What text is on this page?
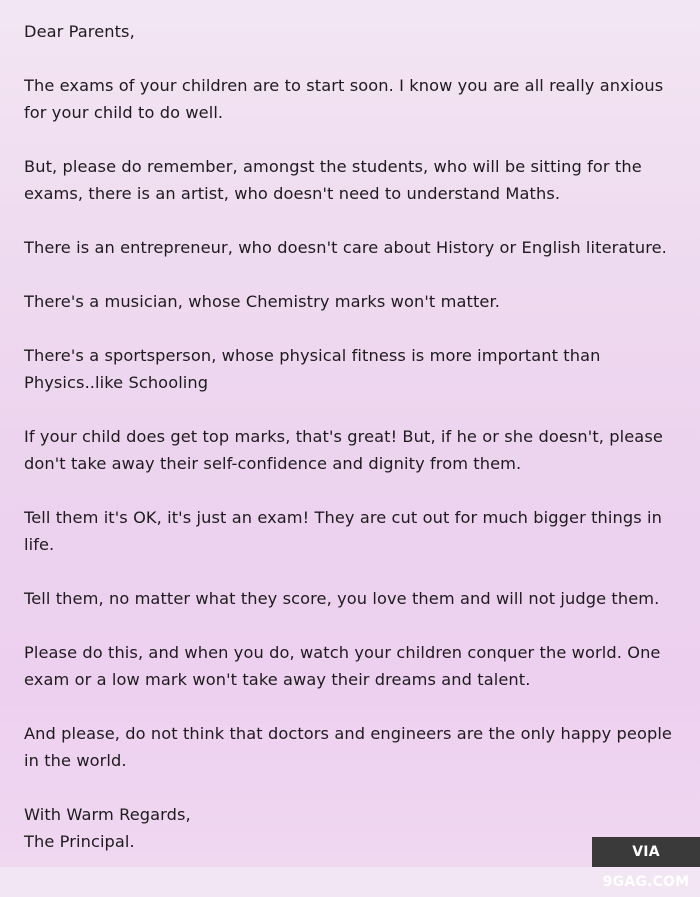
Dear Parents,

The exams of your children are to start soon. I know you are all really anxious for your child to do well.

But, please do remember, amongst the students, who will be sitting for the exams, there is an artist, who doesn't need to understand Maths.

There is an entrepreneur, who doesn't care about History or English literature.

There's a musician, whose Chemistry marks won't matter.

There's a sportsperson, whose physical fitness is more important than Physics..like Schooling

If your child does get top marks, that's great! But, if he or she doesn't, please don't take away their self-confidence and dignity from them.

Tell them it's OK, it's just an exam! They are cut out for much bigger things in life.

Tell them, no matter what they score, you love them and will not judge them.

Please do this, and when you do, watch your children conquer the world. One exam or a low mark won't take away their dreams and talent.

And please, do not think that doctors and engineers are the only happy people in the world.

With Warm Regards,
The Principal.

VIA 9GAG.COM
